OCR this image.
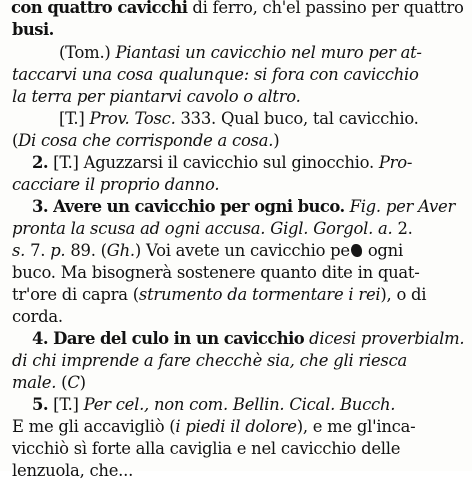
con quattro cavicchi di ferro, ch'el passino per quattro
busi.
(Tom.) Piantasi un cavicchio nel muro per at-
taccarvi una cosa qualunque: si fora con cavicchio
la terra per piantarvi cavolo o altro.
[T.] Prov. Tosc. 333. Qual buco, tal cavicchio.
(Di cosa che corrisponde a cosa.)
2. [T.] Aguzzarsi il cavicchio sul ginocchio. Pro-
cacciare il proprio danno.
3. Avere un cavicchio per ogni buco. Fig. per Aver
pronta la scusa ad ogni accusa. Gigl. Gorgol. a. 2.
s. 7. p. 89. (Gh.) Voi avete un cavicchio pe ogni
buco. Ma bisognerà sostenere quanto dite in quat-
tr'ore di capra (strumento da tormentare i rei), o di
corda.
4. Dare del culo in un cavicchio dicesi proverbialm.
di chi imprende a fare checchè sia, che gli riesca
male. (C)
5. [T.] Per cel., non com. Bellin. Cical. Bucch.
E me gli accavigliò (i piedi il dolore), e me gl'inca-
vicchiò sì forte alla caviglia e nel cavicchio delle
lenzuola, che...
